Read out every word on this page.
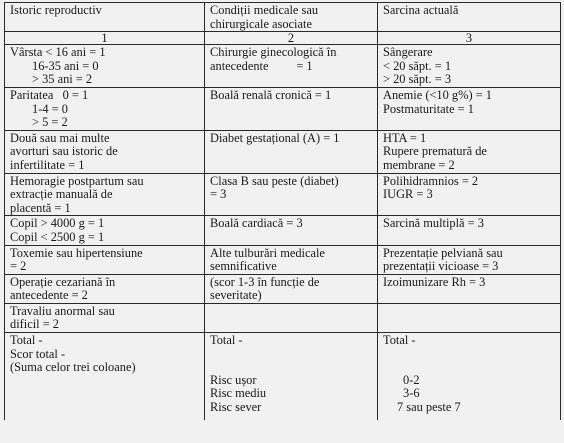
Istoric reproductiv	Condiții medicale sau chirurgicale asociate	Sarcina actuală
1	2	3

Vârsta < 16 ani = 1
16-35 ani = 0
> 35 ani = 2	Chirurgie ginecologică în
antecedente         = 1	Sângerare
< 20 săpt. = 1
> 20 săpt. = 3

Paritatea   0 = 1
1-4 = 0
> 5 = 2	Boală renală cronică = 1	Anemie (<10 g%) = 1
Postmaturitate = 1

Două sau mai multe
avorturi sau istoric de
infertilitate = 1	Diabet gestațional (A) = 1	HTA = 1
Rupere prematură de
membrane = 2

Hemoragie postpartum sau
extracție manuală de
placentă = 1	Clasa B sau peste (diabet)
= 3	Polihidramnios = 2
IUGR = 3

Copil > 4000 g = 1
Copil < 2500 g = 1	Boală cardiacă = 3	Sarcină multiplă = 3

Toxemie sau hipertensiune
= 2	Alte tulburări medicale
semnificative	Prezentație pelviană sau
prezentații vicioase = 3

Operație cezariană în
antecedente = 2	(scor 1-3 în funcție de
severitate)	Izoimunizare Rh = 3

Travaliu anormal sau
dificil = 2		

Total -
Scor total -
(Suma celor trei coloane)	Total -
Risc ușor
Risc mediu
Risc sever	Total -
0-2
3-6
7 sau peste 7
